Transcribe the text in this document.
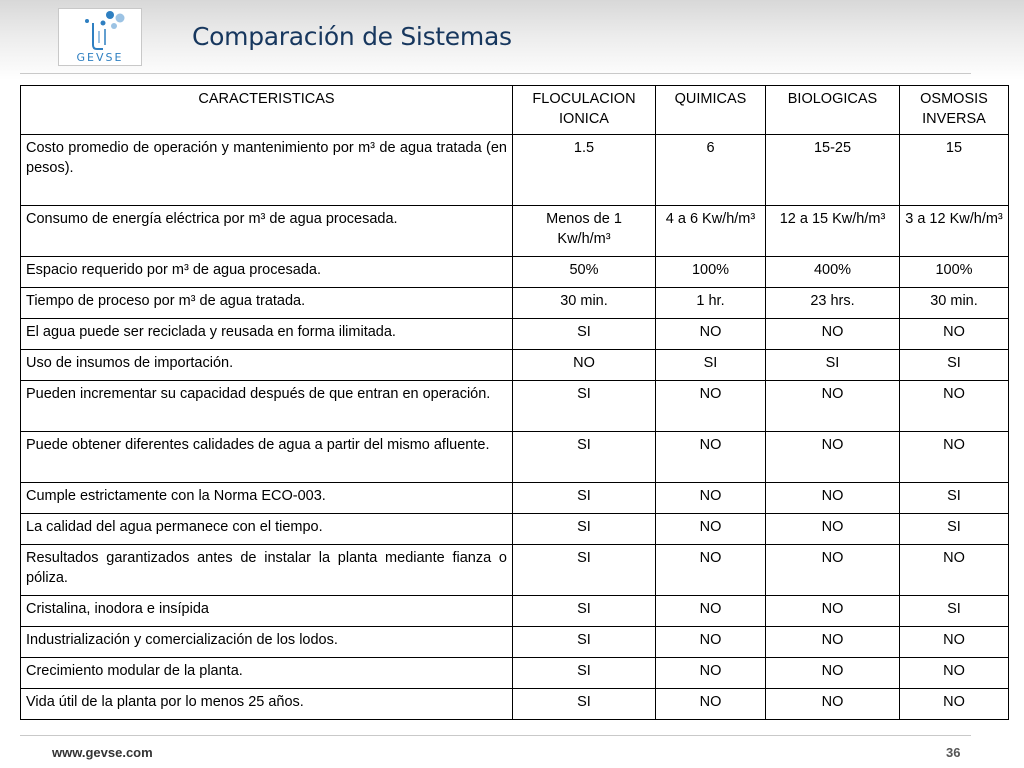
GEVSE
Comparación de Sistemas
CARACTERISTICAS	FLOCULACION IONICA	QUIMICAS	BIOLOGICAS	OSMOSIS INVERSA
Costo promedio de operación y mantenimiento por m³ de agua tratada (en pesos).	1.5	6	15-25	15
Consumo de energía eléctrica por m³ de agua procesada.	Menos de 1 Kw/h/m³	4 a 6 Kw/h/m³	12 a 15 Kw/h/m³	3 a 12 Kw/h/m³
Espacio requerido por m³ de agua procesada.	50%	100%	400%	100%
Tiempo de proceso por m³ de agua tratada.	30 min.	1 hr.	23 hrs.	30 min.
El agua puede ser reciclada y reusada en forma ilimitada.	SI	NO	NO	NO
Uso de insumos de importación.	NO	SI	SI	SI
Pueden incrementar su capacidad después de que entran en operación.	SI	NO	NO	NO
Puede obtener diferentes calidades de agua a partir del mismo afluente.	SI	NO	NO	NO
Cumple estrictamente con la Norma ECO-003.	SI	NO	NO	SI
La calidad del agua permanece con el tiempo.	SI	NO	NO	SI
Resultados garantizados antes de instalar la planta mediante fianza o póliza.	SI	NO	NO	NO
Cristalina, inodora e insípida	SI	NO	NO	SI
Industrialización y comercialización de los lodos.	SI	NO	NO	NO
Crecimiento modular de la planta.	SI	NO	NO	NO
Vida útil de la planta por lo menos 25 años.	SI	NO	NO	NO
www.gevse.com	36
